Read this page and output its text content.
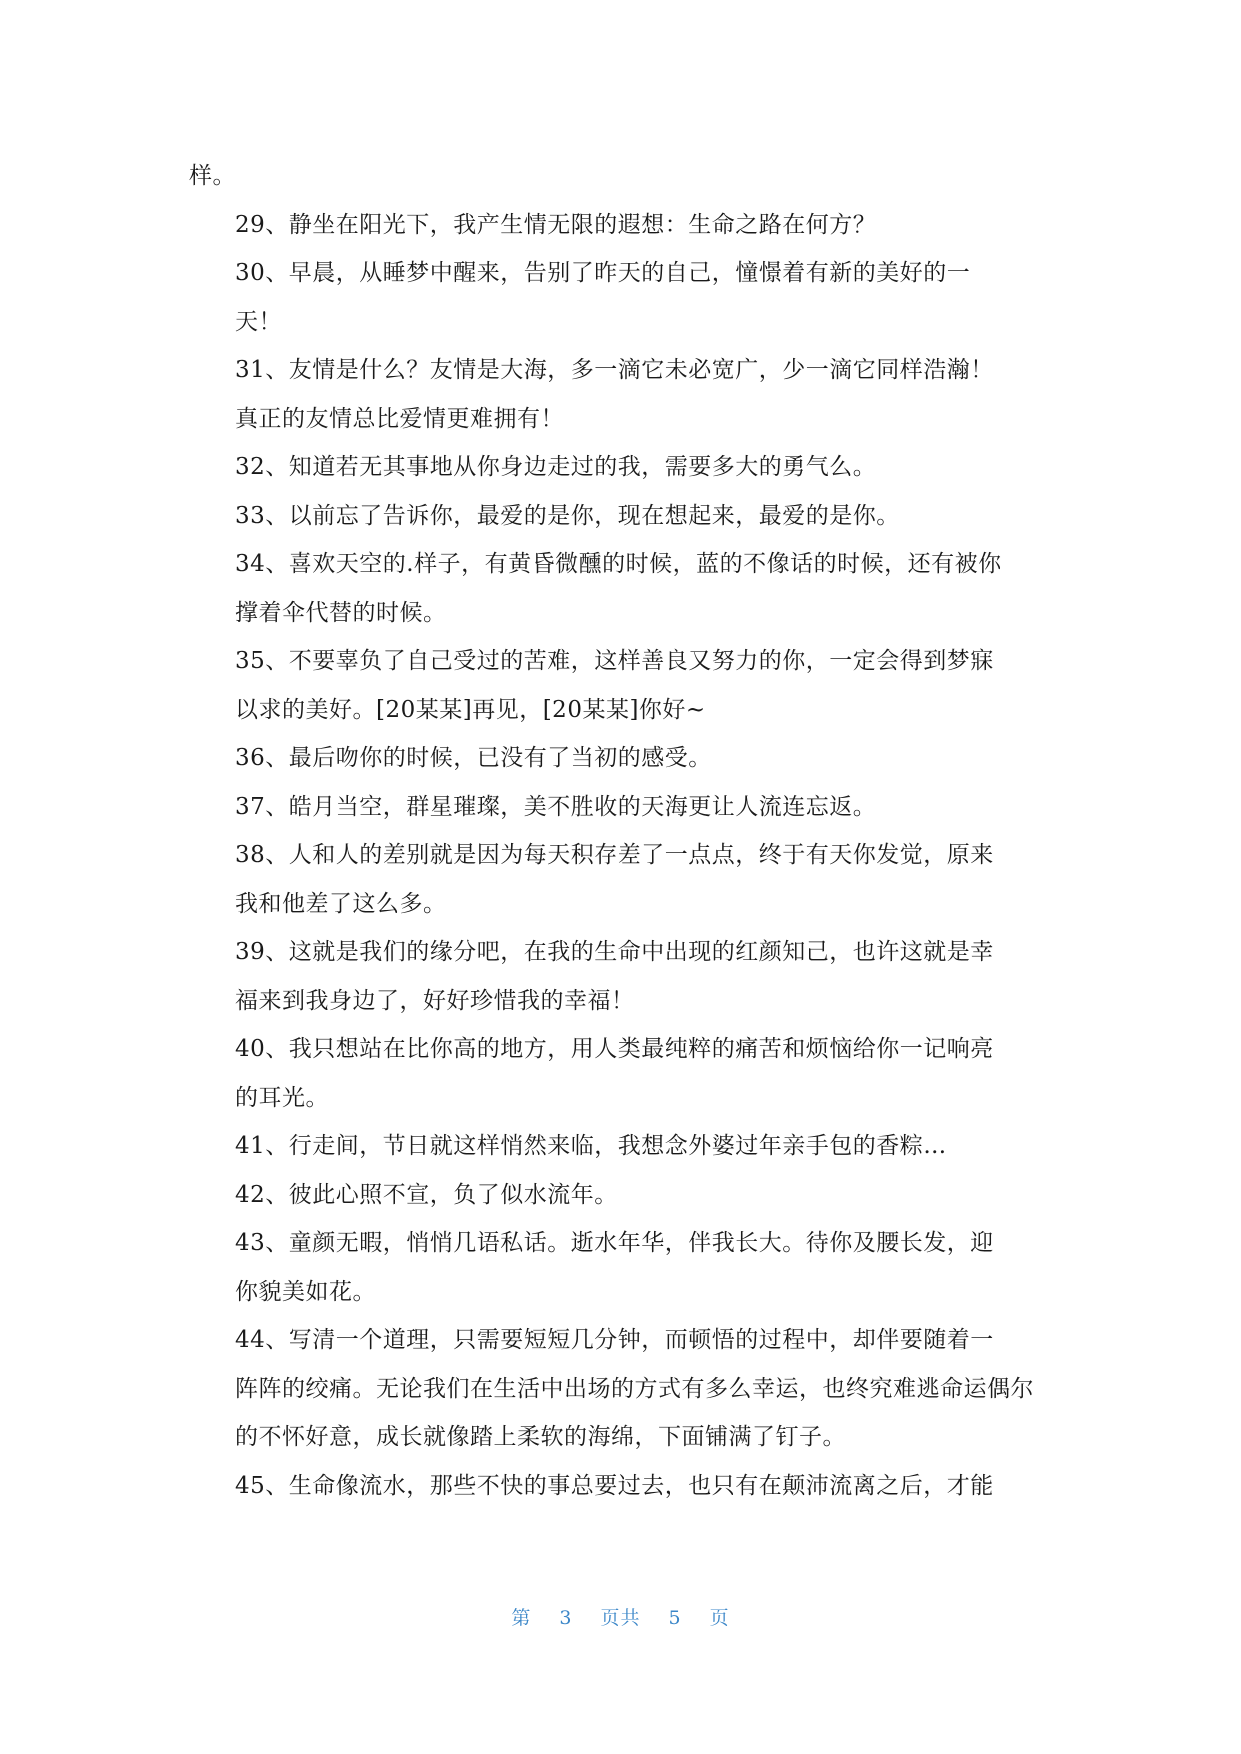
样。

29、静坐在阳光下，我产生情无限的遐想：生命之路在何方？

30、早晨，从睡梦中醒来，告别了昨天的自己，憧憬着有新的美好的一
天！

31、友情是什么？友情是大海，多一滴它未必宽广，少一滴它同样浩瀚！
真正的友情总比爱情更难拥有！

32、知道若无其事地从你身边走过的我，需要多大的勇气么。

33、以前忘了告诉你，最爱的是你，现在想起来，最爱的是你。

34、喜欢天空的.样子，有黄昏微醺的时候，蓝的不像话的时候，还有被你
撑着伞代替的时候。

35、不要辜负了自己受过的苦难，这样善良又努力的你，一定会得到梦寐
以求的美好。[20某某]再见，[20某某]你好~

36、最后吻你的时候，已没有了当初的感受。

37、皓月当空，群星璀璨，美不胜收的天海更让人流连忘返。

38、人和人的差别就是因为每天积存差了一点点，终于有天你发觉，原来
我和他差了这么多。

39、这就是我们的缘分吧，在我的生命中出现的红颜知己，也许这就是幸
福来到我身边了，好好珍惜我的幸福！

40、我只想站在比你高的地方，用人类最纯粹的痛苦和烦恼给你一记响亮
的耳光。

41、行走间，节日就这样悄然来临，我想念外婆过年亲手包的香粽…

42、彼此心照不宣，负了似水流年。

43、童颜无暇，悄悄几语私话。逝水年华，伴我长大。待你及腰长发，迎
你貌美如花。

44、写清一个道理，只需要短短几分钟，而顿悟的过程中，却伴要随着一
阵阵的绞痛。无论我们在生活中出场的方式有多么幸运，也终究难逃命运偶尔
的不怀好意，成长就像踏上柔软的海绵，下面铺满了钉子。

45、生命像流水，那些不快的事总要过去，也只有在颠沛流离之后，才能

第 3 页共 5 页
